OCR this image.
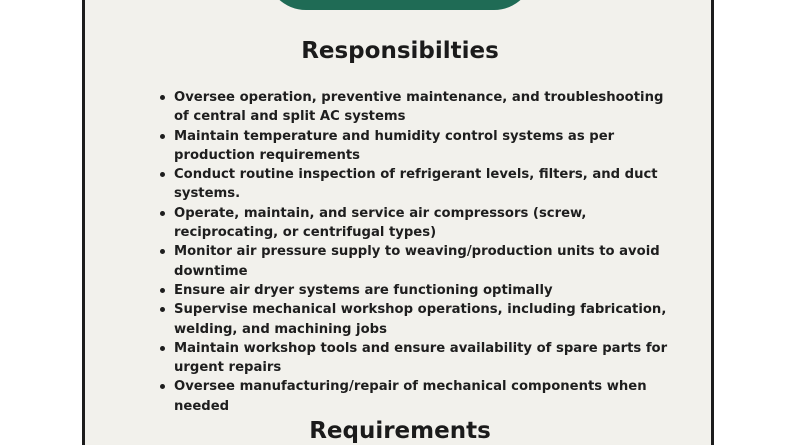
Responsibilties
Oversee operation, preventive maintenance, and troubleshooting of central and split AC systems
Maintain temperature and humidity control systems as per production requirements
Conduct routine inspection of refrigerant levels, filters, and duct systems.
Operate, maintain, and service air compressors (screw, reciprocating, or centrifugal types)
Monitor air pressure supply to weaving/production units to avoid downtime
Ensure air dryer systems are functioning optimally
Supervise mechanical workshop operations, including fabrication, welding, and machining jobs
Maintain workshop tools and ensure availability of spare parts for urgent repairs
Oversee manufacturing/repair of mechanical components when needed
Requirements
